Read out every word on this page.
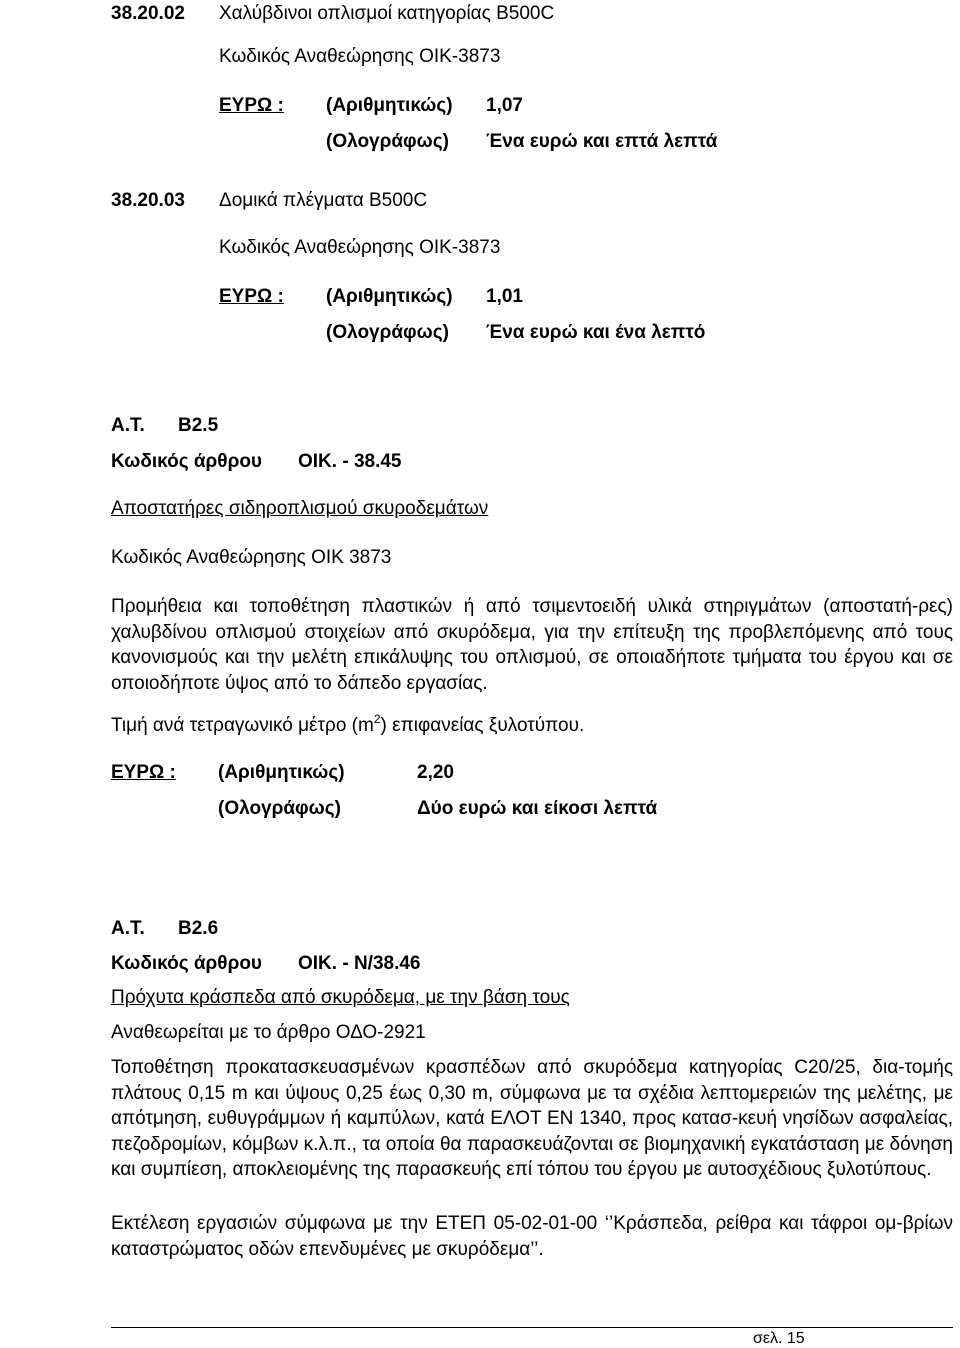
38.20.02 Χαλύβδινοι οπλισμοί κατηγορίας Β500C
Κωδικός Αναθεώρησης ΟΙΚ-3873
ΕΥΡΩ : (Αριθμητικώς) 1,07
(Ολογράφως) Ένα ευρώ και επτά λεπτά
38.20.03 Δομικά πλέγματα Β500C
Κωδικός Αναθεώρησης ΟΙΚ-3873
ΕΥΡΩ : (Αριθμητικώς) 1,01
(Ολογράφως) Ένα ευρώ και ένα λεπτό
Α.Τ. Β2.5
Κωδικός άρθρου ΟΙΚ. - 38.45
Αποστατήρες σιδηροπλισμού σκυροδεμάτων
Κωδικός Αναθεώρησης ΟΙΚ 3873
Προμήθεια και τοποθέτηση πλαστικών ή από τσιμεντοειδή υλικά στηριγμάτων (αποστατή-ρες) χαλυβδίνου οπλισμού στοιχείων από σκυρόδεμα, για την επίτευξη της προβλεπόμενης από τους κανονισμούς και την μελέτη επικάλυψης του οπλισμού, σε οποιαδήποτε τμήματα του έργου και σε οποιοδήποτε ύψος από το δάπεδο εργασίας.
Τιμή ανά τετραγωνικό μέτρο $(m^2)$ επιφανείας ξυλοτύπου.
ΕΥΡΩ : (Αριθμητικώς)	2,20
(Ολογράφως)	Δύο ευρώ και είκοσι λεπτά
Α.Τ. Β2.6
Κωδικός άρθρου ΟΙΚ. - Ν/38.46
Πρόχυτα κράσπεδα από σκυρόδεμα, με την βάση τους
Αναθεωρείται με το άρθρο ΟΔΟ-2921
Τοποθέτηση προκατασκευασμένων κρασπέδων από σκυρόδεμα κατηγορίας C20/25, δια-τομής πλάτους 0,15 m και ύψους 0,25 έως 0,30 m, σύμφωνα με τα σχέδια λεπτομερειών της μελέτης, με απότμηση, ευθυγράμμων ή καμπύλων, κατά ΕΛΟΤ ΕΝ 1340, προς κατασ-κευή νησίδων ασφαλείας, πεζοδρομίων, κόμβων κ.λ.π., τα οποία θα παρασκευάζονται σε βιομηχανική εγκατάσταση με δόνηση και συμπίεση, αποκλειομένης της παρασκευής επί τόπου του έργου με αυτοσχέδιους ξυλοτύπους.
Εκτέλεση εργασιών σύμφωνα με την ΕΤΕΠ 05-02-01-00 ‘’Κράσπεδα, ρείθρα και τάφροι ομ-βρίων καταστρώματος οδών επενδυμένες με σκυρόδεμα’’.
σελ. 15
